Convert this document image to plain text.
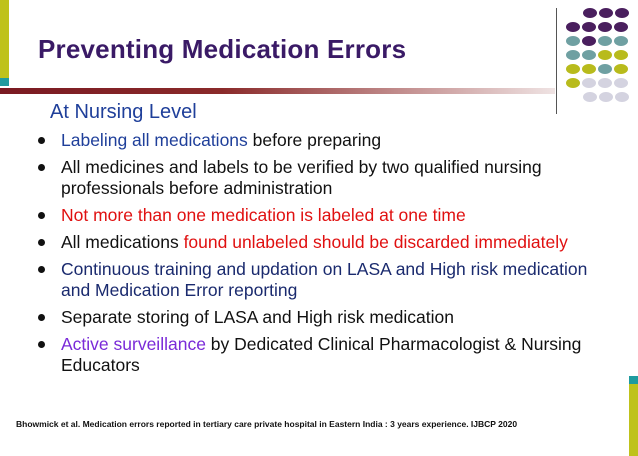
Preventing Medication Errors

At Nursing Level

Labeling all medications before preparing
All medicines and labels to be verified by two qualified nursing professionals before administration
Not more than one medication is labeled at one time
All medications found unlabeled should be discarded immediately
Continuous training and updation on LASA and High risk medication and Medication Error reporting
Separate storing of LASA and High risk medication
Active surveillance by Dedicated Clinical Pharmacologist & Nursing Educators

Bhowmick et al. Medication errors reported in tertiary care private hospital in Eastern India : 3 years experience. IJBCP 2020
